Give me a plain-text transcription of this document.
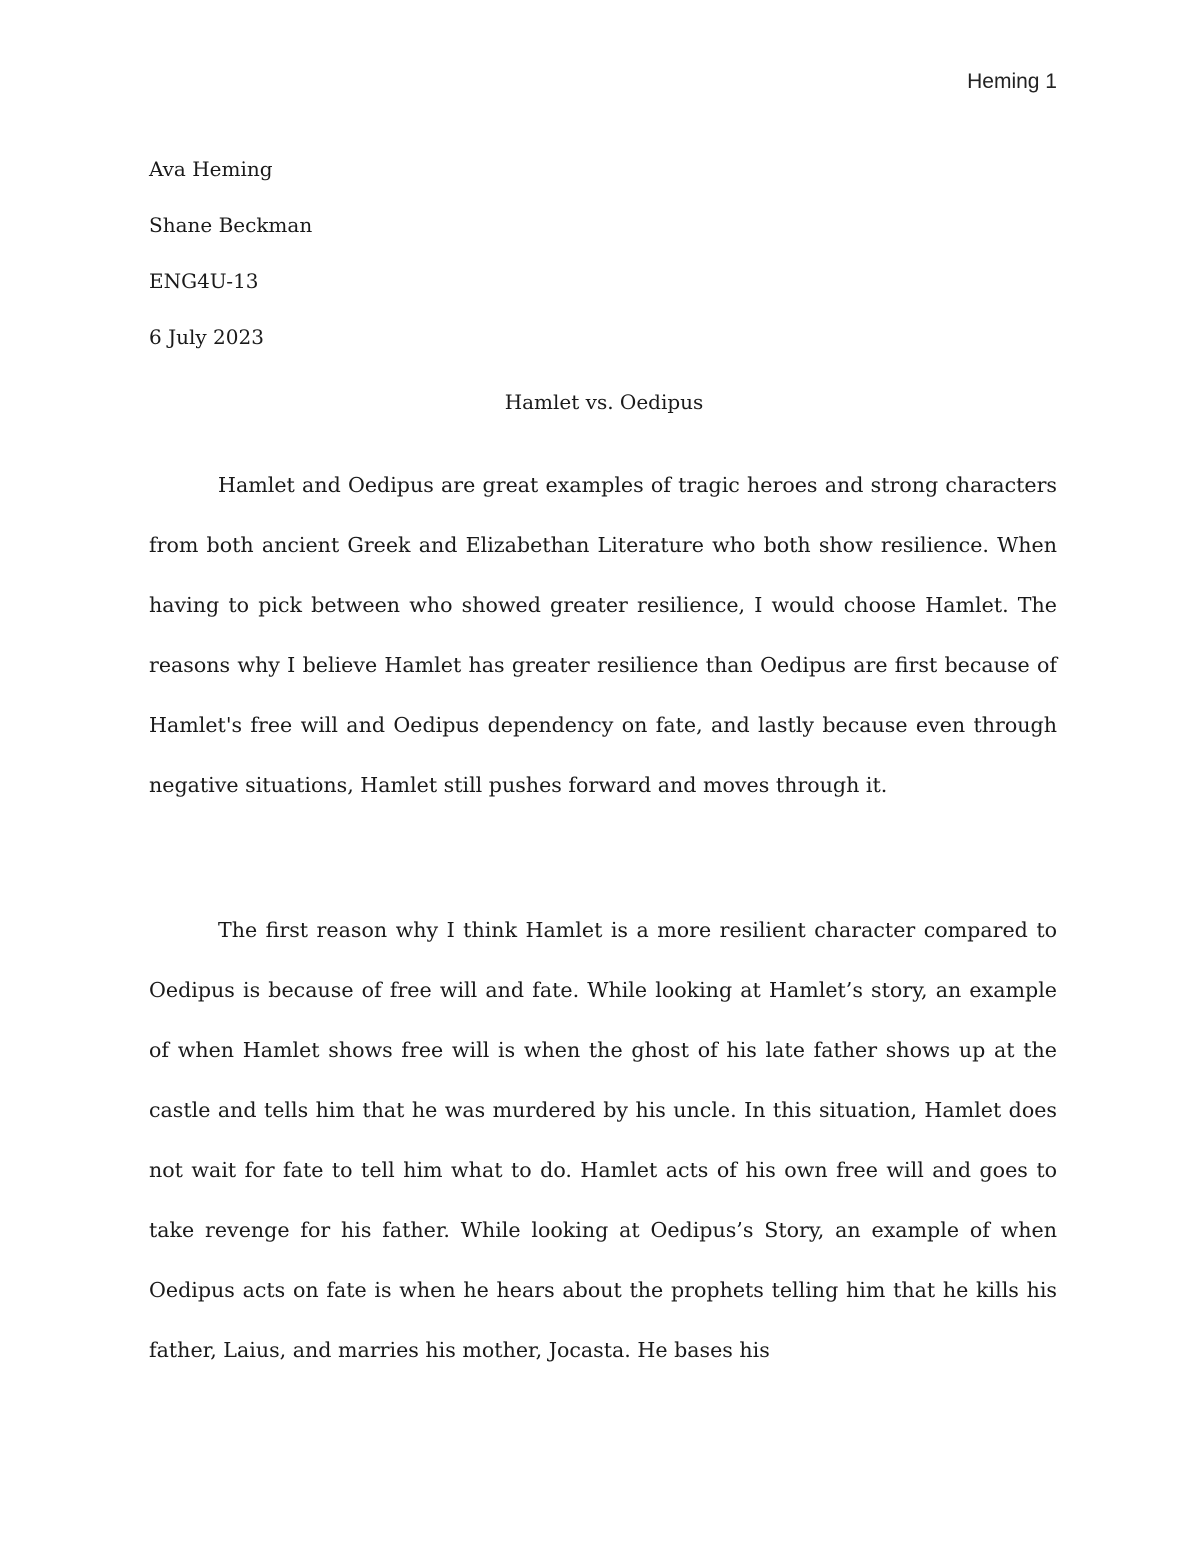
Heming 1
Ava Heming
Shane Beckman
ENG4U-13
6 July 2023
Hamlet vs. Oedipus

Hamlet and Oedipus are great examples of tragic heroes and strong characters from both ancient Greek and Elizabethan Literature who both show resilience. When having to pick between who showed greater resilience, I would choose Hamlet. The reasons why I believe Hamlet has greater resilience than Oedipus are first because of Hamlet's free will and Oedipus dependency on fate, and lastly because even through negative situations, Hamlet still pushes forward and moves through it.

The first reason why I think Hamlet is a more resilient character compared to Oedipus is because of free will and fate. While looking at Hamlet’s story, an example of when Hamlet shows free will is when the ghost of his late father shows up at the castle and tells him that he was murdered by his uncle. In this situation, Hamlet does not wait for fate to tell him what to do. Hamlet acts of his own free will and goes to take revenge for his father. While looking at Oedipus’s Story, an example of when Oedipus acts on fate is when he hears about the prophets telling him that he kills his father, Laius, and marries his mother, Jocasta. He bases his
